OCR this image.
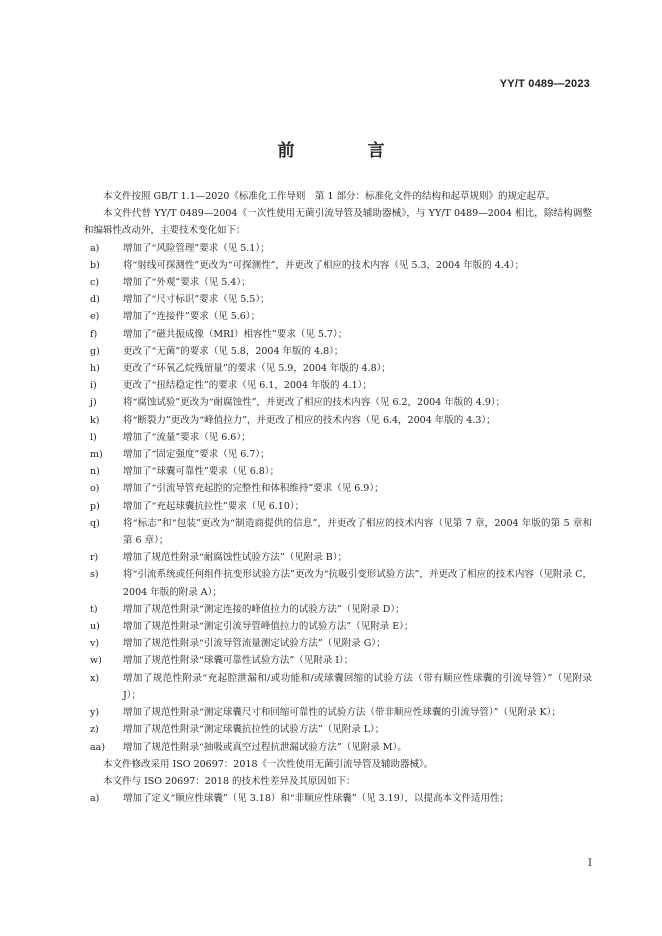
YY/T 0489—2023
前　言
本文件按照 GB/T 1.1—2020《标准化工作导则　第 1 部分：标准化文件的结构和起草规则》的规定起草。
本文件代替 YY/T 0489—2004《一次性使用无菌引流导管及辅助器械》，与 YY/T 0489—2004 相比，除结构调整和编辑性改动外，主要技术变化如下：
a)	增加了“风险管理”要求（见 5.1）；
b)	将“射线可探测性”更改为“可探测性”，并更改了相应的技术内容（见 5.3，2004 年版的 4.4）；
c)	增加了“外观”要求（见 5.4）；
d)	增加了“尺寸标识”要求（见 5.5）；
e)	增加了“连接件”要求（见 5.6）；
f)	增加了“磁共振成像（MRI）相容性”要求（见 5.7）；
g)	更改了“无菌”的要求（见 5.8，2004 年版的 4.8）；
h)	更改了“环氧乙烷残留量”的要求（见 5.9，2004 年版的 4.8）；
i)	更改了“扭结稳定性”的要求（见 6.1，2004 年版的 4.1）；
j)	将“腐蚀试验”更改为“耐腐蚀性”，并更改了相应的技术内容（见 6.2，2004 年版的 4.9）；
k)	将“断裂力”更改为“峰值拉力”，并更改了相应的技术内容（见 6.4，2004 年版的 4.3）；
l)	增加了“流量”要求（见 6.6）；
m)	增加了“固定强度”要求（见 6.7）；
n)	增加了“球囊可靠性”要求（见 6.8）；
o)	增加了“引流导管充起腔的完整性和体积维持”要求（见 6.9）；
p)	增加了“充起球囊抗拉性”要求（见 6.10）；
q)	将“标志”和“包装”更改为“制造商提供的信息”，并更改了相应的技术内容（见第 7 章，2004 年版的第 5 章和第 6 章）；
r)	增加了规范性附录“耐腐蚀性试验方法”（见附录 B）；
s)	将“引流系统或任何组件抗变形试验方法”更改为“抗吸引变形试验方法”，并更改了相应的技术内容（见附录 C，2004 年版的附录 A）；
t)	增加了规范性附录“测定连接的峰值拉力的试验方法”（见附录 D）；
u)	增加了规范性附录“测定引流导管峰值拉力的试验方法”（见附录 E）；
v)	增加了规范性附录“引流导管流量测定试验方法”（见附录 G）；
w)	增加了规范性附录“球囊可靠性试验方法”（见附录 I）；
x)	增加了规范性附录“充起腔泄漏和/或功能和/或球囊回缩的试验方法（带有顺应性球囊的引流导管）”（见附录 J）；
y)	增加了规范性附录“测定球囊尺寸和回缩可靠性的试验方法（带非顺应性球囊的引流导管）”（见附录 K）；
z)	增加了规范性附录“测定球囊抗拉性的试验方法”（见附录 L）；
aa)	增加了规范性附录“抽吸或真空过程抗泄漏试验方法”（见附录 M）。
本文件修改采用 ISO 20697：2018《一次性使用无菌引流导管及辅助器械》。
本文件与 ISO 20697：2018 的技术性差异及其原因如下：
a)	增加了定义“顺应性球囊”（见 3.18）和“非顺应性球囊”（见 3.19），以提高本文件适用性；
I
